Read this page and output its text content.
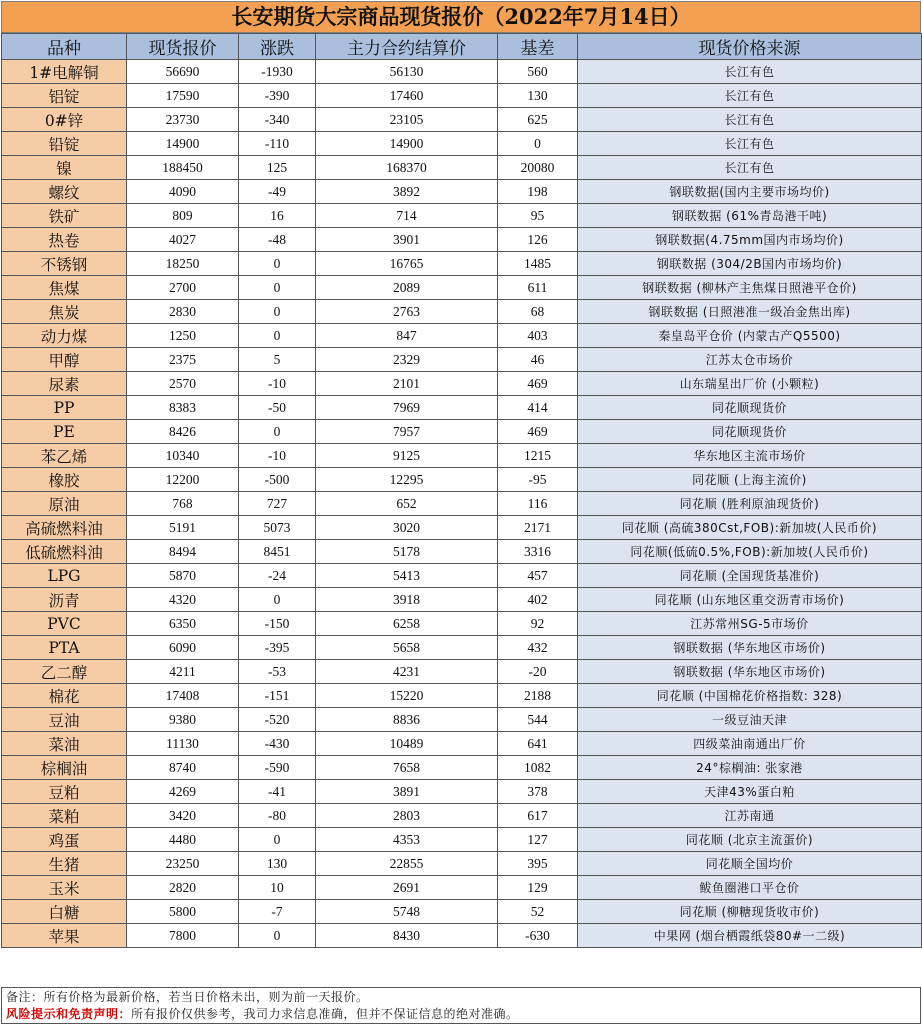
长安期货大宗商品现货报价（2022年7月14日）
品种	现货报价	涨跌	主力合约结算价	基差	现货价格来源
1#电解铜	56690	-1930	56130	560	长江有色
铝锭	17590	-390	17460	130	长江有色
0#锌	23730	-340	23105	625	长江有色
铅锭	14900	-110	14900	0	长江有色
镍	188450	125	168370	20080	长江有色
螺纹	4090	-49	3892	198	钢联数据(国内主要市场均价)
铁矿	809	16	714	95	钢联数据 (61%青岛港干吨)
热卷	4027	-48	3901	126	钢联数据(4.75mm国内市场均价)
不锈钢	18250	0	16765	1485	钢联数据 (304/2B国内市场均价)
焦煤	2700	0	2089	611	钢联数据 (柳林产主焦煤日照港平仓价)
焦炭	2830	0	2763	68	钢联数据 (日照港准一级冶金焦出库)
动力煤	1250	0	847	403	秦皇岛平仓价 (内蒙古产Q5500)
甲醇	2375	5	2329	46	江苏太仓市场价
尿素	2570	-10	2101	469	山东瑞星出厂价 (小颗粒)
PP	8383	-50	7969	414	同花顺现货价
PE	8426	0	7957	469	同花顺现货价
苯乙烯	10340	-10	9125	1215	华东地区主流市场价
橡胶	12200	-500	12295	-95	同花顺 (上海主流价)
原油	768	727	652	116	同花顺 (胜利原油现货价)
高硫燃料油	5191	5073	3020	2171	同花顺 (高硫380Cst,FOB):新加坡(人民币价)
低硫燃料油	8494	8451	5178	3316	同花顺(低硫0.5%,FOB):新加坡(人民币价)
LPG	5870	-24	5413	457	同花顺 (全国现货基准价)
沥青	4320	0	3918	402	同花顺 (山东地区重交沥青市场价)
PVC	6350	-150	6258	92	江苏常州SG-5市场价
PTA	6090	-395	5658	432	钢联数据 (华东地区市场价)
乙二醇	4211	-53	4231	-20	钢联数据 (华东地区市场价)
棉花	17408	-151	15220	2188	同花顺 (中国棉花价格指数: 328)
豆油	9380	-520	8836	544	一级豆油天津
菜油	11130	-430	10489	641	四级菜油南通出厂价
棕榈油	8740	-590	7658	1082	24°棕榈油: 张家港
豆粕	4269	-41	3891	378	天津43%蛋白粕
菜粕	3420	-80	2803	617	江苏南通
鸡蛋	4480	0	4353	127	同花顺 (北京主流蛋价)
生猪	23250	130	22855	395	同花顺全国均价
玉米	2820	10	2691	129	鲅鱼圈港口平仓价
白糖	5800	-7	5748	52	同花顺 (柳糖现货收市价)
苹果	7800	0	8430	-630	中果网 (烟台栖霞纸袋80#一二级)
备注：所有价格为最新价格，若当日价格未出，则为前一天报价。
风险提示和免责声明：所有报价仅供参考，我司力求信息准确，但并不保证信息的绝对准确。
